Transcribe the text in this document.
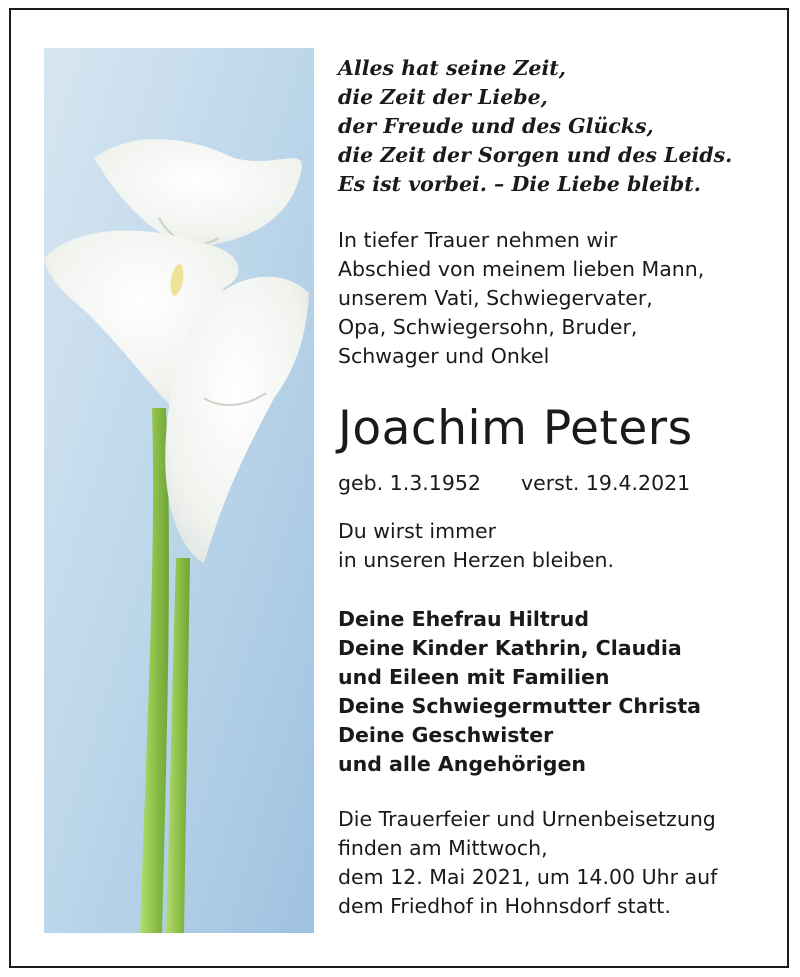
Alles hat seine Zeit,
die Zeit der Liebe,
der Freude und des Glücks,
die Zeit der Sorgen und des Leids.
Es ist vorbei. – Die Liebe bleibt.
In tiefer Trauer nehmen wir
Abschied von meinem lieben Mann,
unserem Vati, Schwiegervater,
Opa, Schwiegersohn, Bruder,
Schwager und Onkel
Joachim Peters
geb. 1.3.1952 verst. 19.4.2021
Du wirst immer
in unseren Herzen bleiben.
Deine Ehefrau Hiltrud
Deine Kinder Kathrin, Claudia
und Eileen mit Familien
Deine Schwiegermutter Christa
Deine Geschwister
und alle Angehörigen
Die Trauerfeier und Urnenbeisetzung
finden am Mittwoch,
dem 12. Mai 2021, um 14.00 Uhr auf
dem Friedhof in Hohnsdorf statt.
